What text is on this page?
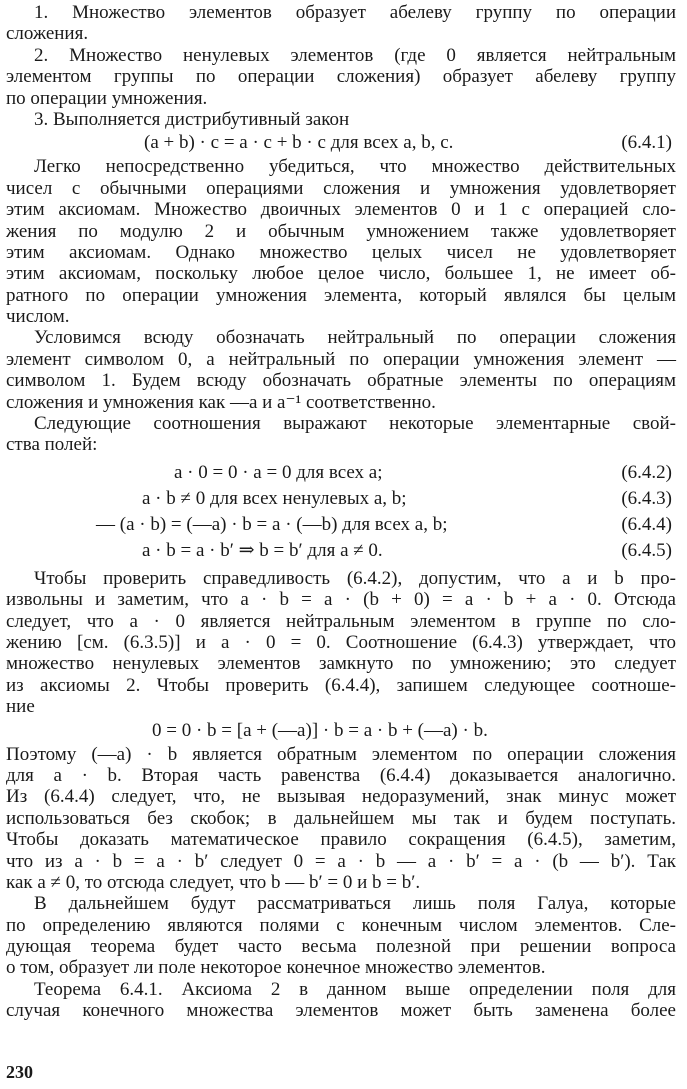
1. Множество элементов образует абелеву группу по операции
сложения.
2. Множество ненулевых элементов (где 0 является нейтральным
элементом группы по операции сложения) образует абелеву группу
по операции умножения.
3. Выполняется дистрибутивный закон
(a + b) · c = a · c + b · c для всех a, b, c.	(6.4.1)
Легко непосредственно убедиться, что множество действительных
чисел с обычными операциями сложения и умножения удовлетворяет
этим аксиомам. Множество двоичных элементов 0 и 1 с операцией сло-
жения по модулю 2 и обычным умножением также удовлетворяет
этим аксиомам. Однако множество целых чисел не удовлетворяет
этим аксиомам, поскольку любое целое число, большее 1, не имеет об-
ратного по операции умножения элемента, который являлся бы целым
числом.
Условимся всюду обозначать нейтральный по операции сложения
элемент символом 0, а нейтральный по операции умножения элемент —
символом 1. Будем всюду обозначать обратные элементы по операциям
сложения и умножения как —a и a⁻¹ соответственно.
Следующие соотношения выражают некоторые элементарные свой-
ства полей:
a · 0 = 0 · a = 0 для всех a;	(6.4.2)
a · b ≠ 0 для всех ненулевых a, b;	(6.4.3)
— (a · b) = (—a) · b = a · (—b) для всех a, b;	(6.4.4)
a · b = a · b′ ⇒ b = b′ для a ≠ 0.	(6.4.5)
Чтобы проверить справедливость (6.4.2), допустим, что a и b про-
извольны и заметим, что a · b = a · (b + 0) = a · b + a · 0. Отсюда
следует, что a · 0 является нейтральным элементом в группе по сло-
жению [см. (6.3.5)] и a · 0 = 0. Соотношение (6.4.3) утверждает, что
множество ненулевых элементов замкнуто по умножению; это следует
из аксиомы 2. Чтобы проверить (6.4.4), запишем следующее соотноше-
ние
0 = 0 · b = [a + (—a)] · b = a · b + (—a) · b.
Поэтому (—a) · b является обратным элементом по операции сложения
для a · b. Вторая часть равенства (6.4.4) доказывается аналогично.
Из (6.4.4) следует, что, не вызывая недоразумений, знак минус может
использоваться без скобок; в дальнейшем мы так и будем поступать.
Чтобы доказать математическое правило сокращения (6.4.5), заметим,
что из a · b = a · b′ следует 0 = a · b — a · b′ = a · (b — b′). Так
как a ≠ 0, то отсюда следует, что b — b′ = 0 и b = b′.
В дальнейшем будут рассматриваться лишь поля Галуа, которые
по определению являются полями с конечным числом элементов. Сле-
дующая теорема будет часто весьма полезной при решении вопроса
о том, образует ли поле некоторое конечное множество элементов.
Теорема 6.4.1. Аксиома 2 в данном выше определении поля для
случая конечного множества элементов может быть заменена более
230
